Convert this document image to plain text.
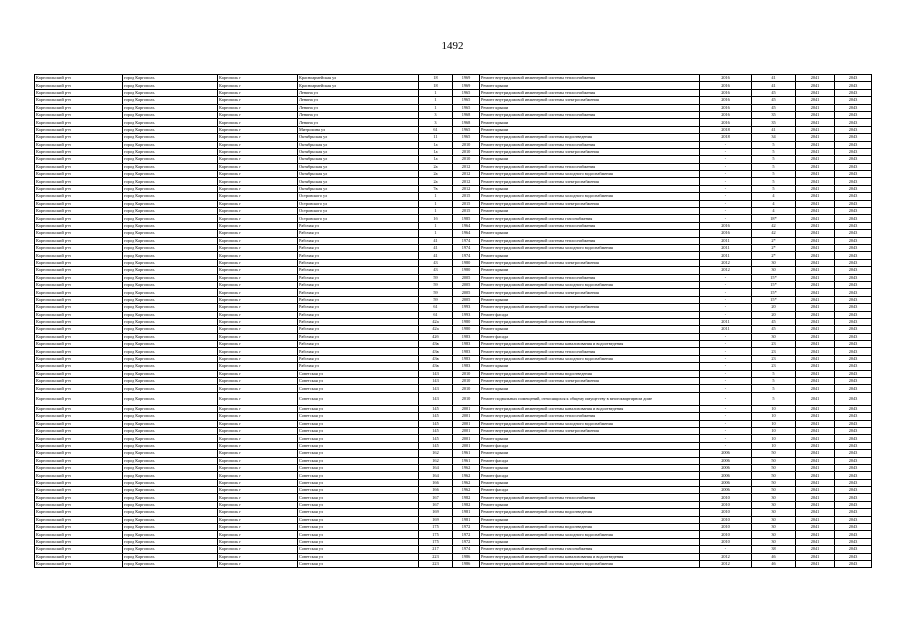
1492
Каргопольский р-н	город Каргополь	Каргополь г	Красноармейская ул	18	1969	Ремонт внутридомовой инженерной системы теплоснабжения	2016	41	2041	2043
Каргопольский р-н	город Каргополь	Каргополь г	Красноармейская ул	18	1969	Ремонт крыши	2016	41	2041	2043
Каргопольский р-н	город Каргополь	Каргополь г	Ленина ул	1	1965	Ремонт внутридомовой инженерной системы теплоснабжения	2016	45	2041	2043
Каргопольский р-н	город Каргополь	Каргополь г	Ленина ул	1	1965	Ремонт внутридомовой инженерной системы электроснабжения	2016	45	2041	2043
Каргопольский р-н	город Каргополь	Каргополь г	Ленина ул	1	1965	Ремонт крыши	2016	45	2041	2043
Каргопольский р-н	город Каргополь	Каргополь г	Ленина ул	3	1968	Ремонт внутридомовой инженерной системы теплоснабжения	2016	35	2041	2043
Каргопольский р-н	город Каргополь	Каргополь г	Ленина ул	3	1968	Ремонт крыши	2016	35	2041	2043
Каргопольский р-н	город Каргополь	Каргополь г	Митрохина ул	61	1965	Ремонт крыши	2018	41	2041	2043
Каргопольский р-н	город Каргополь	Каргополь г	Октябрьская ул	11	1965	Ремонт внутридомовой инженерной системы водоотведения	2018	34	2041	2043
Каргопольский р-н	город Каргополь	Каргополь г	Октябрьская ул	1а	2010	Ремонт внутридомовой инженерной системы теплоснабжения	-	5	2041	2043
Каргопольский р-н	город Каргополь	Каргополь г	Октябрьская ул	1а	2010	Ремонт внутридомовой инженерной системы электроснабжения	-	5	2041	2043
Каргопольский р-н	город Каргополь	Каргополь г	Октябрьская ул	1а	2010	Ремонт крыши	-	5	2041	2043
Каргопольский р-н	город Каргополь	Каргополь г	Октябрьская ул	2а	2012	Ремонт внутридомовой инженерной системы теплоснабжения	-	5	2041	2043
Каргопольский р-н	город Каргополь	Каргополь г	Октябрьская ул	2а	2012	Ремонт внутридомовой инженерной системы холодного водоснабжения	-	5	2041	2043
Каргопольский р-н	город Каргополь	Каргополь г	Октябрьская ул	2а	2012	Ремонт внутридомовой инженерной системы электроснабжения	-	5	2041	2043
Каргопольский р-н	город Каргополь	Каргополь г	Октябрьская ул	7в	2012	Ремонт крыши	-	5	2041	2043
Каргопольский р-н	город Каргополь	Каргополь г	Островского ул	1	2015	Ремонт внутридомовой инженерной системы холодного водоснабжения	-	4	2041	2043
Каргопольский р-н	город Каргополь	Каргополь г	Островского ул	1	2015	Ремонт внутридомовой инженерной системы электроснабжения	-	4	2041	2043
Каргопольский р-н	город Каргополь	Каргополь г	Островского ул	1	2015	Ремонт крыши	-	4	2041	2043
Каргопольский р-н	город Каргополь	Каргополь г	Островского ул	1б	1985	Ремонт внутридомовой инженерной системы газоснабжения	-	18*	2041	2043
Каргопольский р-н	город Каргополь	Каргополь г	Рабочая ул	1	1964	Ремонт внутридомовой инженерной системы теплоснабжения	2016	42	2041	2043
Каргопольский р-н	город Каргополь	Каргополь г	Рабочая ул	1	1964	Ремонт крыши	2016	42	2041	2043
Каргопольский р-н	город Каргополь	Каргополь г	Рабочая ул	41	1974	Ремонт внутридомовой инженерной системы теплоснабжения	2011	2*	2041	2043
Каргопольский р-н	город Каргополь	Каргополь г	Рабочая ул	41	1974	Ремонт внутридомовой инженерной системы холодного водоснабжения	2011	2*	2041	2043
Каргопольский р-н	город Каргополь	Каргополь г	Рабочая ул	41	1974	Ремонт крыши	2011	2*	2041	2043
Каргопольский р-н	город Каргополь	Каргополь г	Рабочая ул	43	1980	Ремонт внутридомовой инженерной системы электроснабжения	2012	30	2041	2043
Каргопольский р-н	город Каргополь	Каргополь г	Рабочая ул	43	1980	Ремонт крыши	2012	30	2041	2043
Каргопольский р-н	город Каргополь	Каргополь г	Рабочая ул	59	2005	Ремонт внутридомовой инженерной системы теплоснабжения	-	15*	2041	2043
Каргопольский р-н	город Каргополь	Каргополь г	Рабочая ул	59	2005	Ремонт внутридомовой инженерной системы холодного водоснабжения	-	15*	2041	2043
Каргопольский р-н	город Каргополь	Каргополь г	Рабочая ул	59	2005	Ремонт внутридомовой инженерной системы электроснабжения	-	15*	2041	2043
Каргопольский р-н	город Каргополь	Каргополь г	Рабочая ул	59	2005	Ремонт крыши	-	15*	2041	2043
Каргопольский р-н	город Каргополь	Каргополь г	Рабочая ул	61	1993	Ремонт внутридомовой инженерной системы электроснабжения	-	20	2041	2043
Каргопольский р-н	город Каргополь	Каргополь г	Рабочая ул	61	1993	Ремонт фасада	-	20	2041	2043
Каргопольский р-н	город Каргополь	Каргополь г	Рабочая ул	42а	1980	Ремонт внутридомовой инженерной системы теплоснабжения	2011	45	2041	2043
Каргопольский р-н	город Каргополь	Каргополь г	Рабочая ул	42а	1980	Ремонт крыши	2011	45	2041	2043
Каргопольский р-н	город Каргополь	Каргополь г	Рабочая ул	42б	1983	Ремонт фасада	-	30	2041	2043
Каргопольский р-н	город Каргополь	Каргополь г	Рабочая ул	43в	1983	Ремонт внутридомовой инженерной системы канализования и водоотведения	-	23	2041	2043
Каргопольский р-н	город Каргополь	Каргополь г	Рабочая ул	43в	1983	Ремонт внутридомовой инженерной системы теплоснабжения	-	23	2041	2043
Каргопольский р-н	город Каргополь	Каргополь г	Рабочая ул	43в	1983	Ремонт внутридомовой инженерной системы холодного водоснабжения	-	23	2041	2043
Каргопольский р-н	город Каргополь	Каргополь г	Рабочая ул	43в	1983	Ремонт крыши	-	23	2041	2043
Каргопольский р-н	город Каргополь	Каргополь г	Советская ул	143	2010	Ремонт внутридомовой инженерной системы водоотведения	-	5	2041	2043
Каргопольский р-н	город Каргополь	Каргополь г	Советская ул	143	2010	Ремонт внутридомовой инженерной системы электроснабжения	-	5	2041	2043
Каргопольский р-н	город Каргополь	Каргополь г	Советская ул	143	2010	Ремонт крыши	-	5	2041	2043
Каргопольский р-н	город Каргополь	Каргополь г	Советская ул	143	2010	Ремонт подвальных помещений, относящихся к общему имуществу в многоквартирном доме	-	5	2041	2043
Каргопольский р-н	город Каргополь	Каргополь г	Советская ул	145	2001	Ремонт внутридомовой инженерной системы канализования и водоотведения	-	10	2041	2043
Каргопольский р-н	город Каргополь	Каргополь г	Советская ул	145	2001	Ремонт внутридомовой инженерной системы теплоснабжения	-	10	2041	2043
Каргопольский р-н	город Каргополь	Каргополь г	Советская ул	145	2001	Ремонт внутридомовой инженерной системы холодного водоснабжения	-	10	2041	2043
Каргопольский р-н	город Каргополь	Каргополь г	Советская ул	145	2001	Ремонт внутридомовой инженерной системы электроснабжения	-	10	2041	2043
Каргопольский р-н	город Каргополь	Каргополь г	Советская ул	145	2001	Ремонт крыши	-	10	2041	2043
Каргопольский р-н	город Каргополь	Каргополь г	Советская ул	145	2001	Ремонт фасада	-	10	2041	2043
Каргопольский р-н	город Каргополь	Каргополь г	Советская ул	162	1961	Ремонт крыши	2006	50	2041	2043
Каргопольский р-н	город Каргополь	Каргополь г	Советская ул	162	1961	Ремонт фасада	2006	50	2041	2043
Каргопольский р-н	город Каргополь	Каргополь г	Советская ул	164	1962	Ремонт крыши	2006	50	2041	2043
Каргопольский р-н	город Каргополь	Каргополь г	Советская ул	164	1962	Ремонт фасада	2006	50	2041	2043
Каргопольский р-н	город Каргополь	Каргополь г	Советская ул	166	1962	Ремонт крыши	2006	50	2041	2043
Каргопольский р-н	город Каргополь	Каргополь г	Советская ул	166	1962	Ремонт фасада	2006	50	2041	2043
Каргопольский р-н	город Каргополь	Каргополь г	Советская ул	167	1982	Ремонт внутридомовой инженерной системы теплоснабжения	2010	30	2041	2043
Каргопольский р-н	город Каргополь	Каргополь г	Советская ул	167	1982	Ремонт крыши	2010	30	2041	2043
Каргопольский р-н	город Каргополь	Каргополь г	Советская ул	169	1981	Ремонт внутридомовой инженерной системы водоотведения	2010	30	2041	2043
Каргопольский р-н	город Каргополь	Каргополь г	Советская ул	169	1981	Ремонт крыши	2010	30	2041	2043
Каргопольский р-н	город Каргополь	Каргополь г	Советская ул	175	1972	Ремонт внутридомовой инженерной системы водоотведения	2010	30	2041	2043
Каргопольский р-н	город Каргополь	Каргополь г	Советская ул	175	1972	Ремонт внутридомовой инженерной системы холодного водоснабжения	2010	30	2041	2043
Каргопольский р-н	город Каргополь	Каргополь г	Советская ул	175	1972	Ремонт крыши	2010	30	2041	2043
Каргопольский р-н	город Каргополь	Каргополь г	Советская ул	217	1974	Ремонт внутридомовой инженерной системы газоснабжения	-	38	2041	2043
Каргопольский р-н	город Каргополь	Каргополь г	Советская ул	223	1986	Ремонт внутридомовой инженерной системы канализования и водоотведения	2012	46	2041	2043
Каргопольский р-н	город Каргополь	Каргополь г	Советская ул	223	1986	Ремонт внутридомовой инженерной системы холодного водоснабжения	2012	46	2041	2043
